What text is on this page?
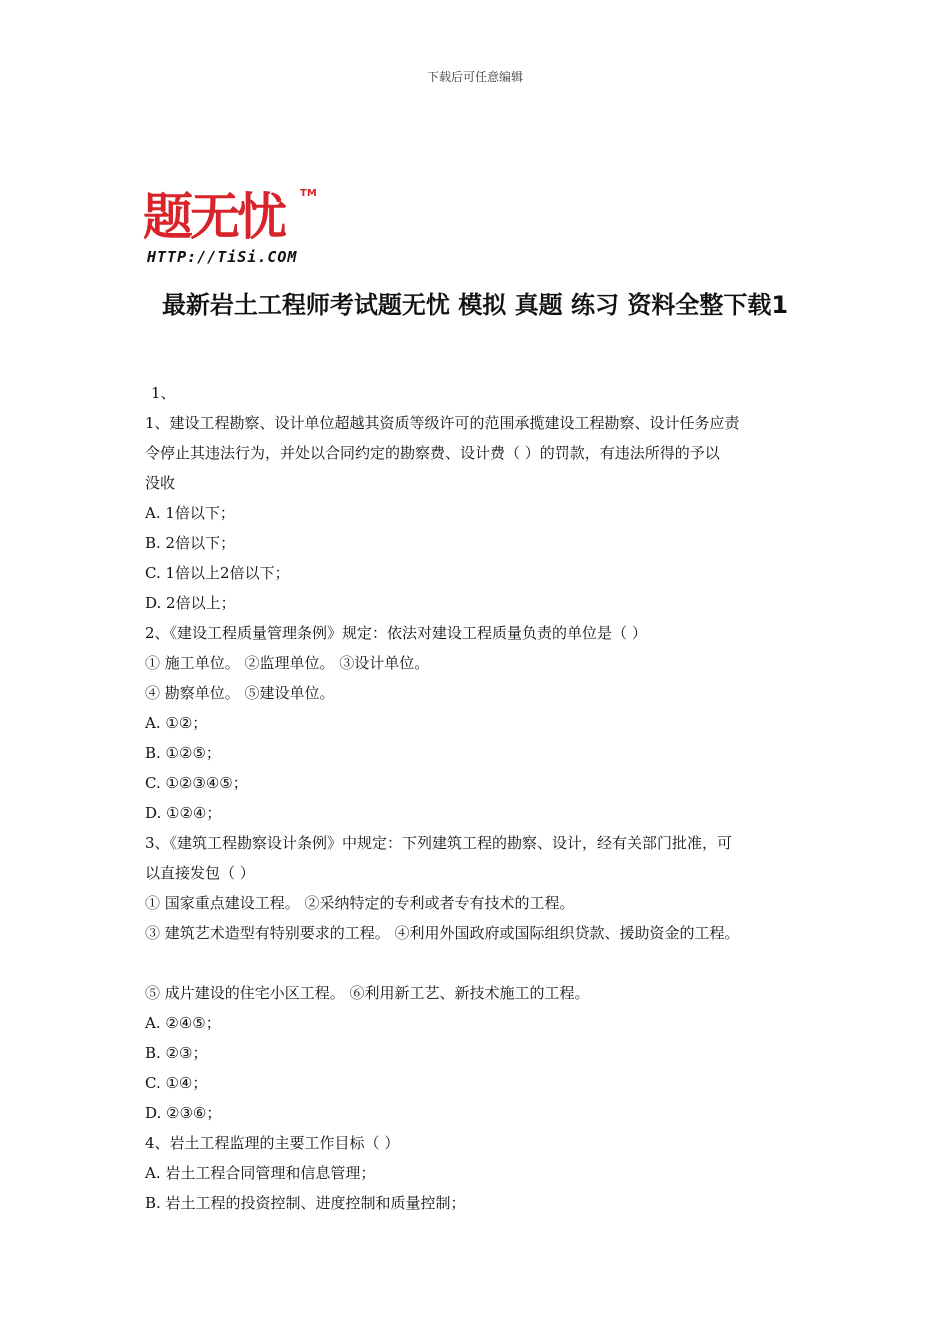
下载后可任意编辑
题无忧 TM
HTTP://TiSi.COM
最新岩土工程师考试题无忧 模拟 真题 练习 资料全整下载1
1、
1、建设工程勘察、设计单位超越其资质等级许可的范围承揽建设工程勘察、设计任务应责
令停止其违法行为，并处以合同约定的勘察费、设计费（ ）的罚款，有违法所得的予以
没收
A. 1倍以下；
B. 2倍以下；
C. 1倍以上2倍以下；
D. 2倍以上；
2、《建设工程质量管理条例》规定：依法对建设工程质量负责的单位是（ ）
① 施工单位。 ②监理单位。 ③设计单位。
④ 勘察单位。 ⑤建设单位。
A. ①②；
B. ①②⑤；
C. ①②③④⑤；
D. ①②④；
3、《建筑工程勘察设计条例》中规定：下列建筑工程的勘察、设计，经有关部门批准，可
以直接发包（ ）
① 国家重点建设工程。 ②采纳特定的专利或者专有技术的工程。
③ 建筑艺术造型有特别要求的工程。 ④利用外国政府或国际组织贷款、援助资金的工程。
⑤ 成片建设的住宅小区工程。 ⑥利用新工艺、新技术施工的工程。
A. ②④⑤；
B. ②③；
C. ①④；
D. ②③⑥；
4、岩土工程监理的主要工作目标（ ）
A. 岩土工程合同管理和信息管理；
B. 岩土工程的投资控制、进度控制和质量控制；
